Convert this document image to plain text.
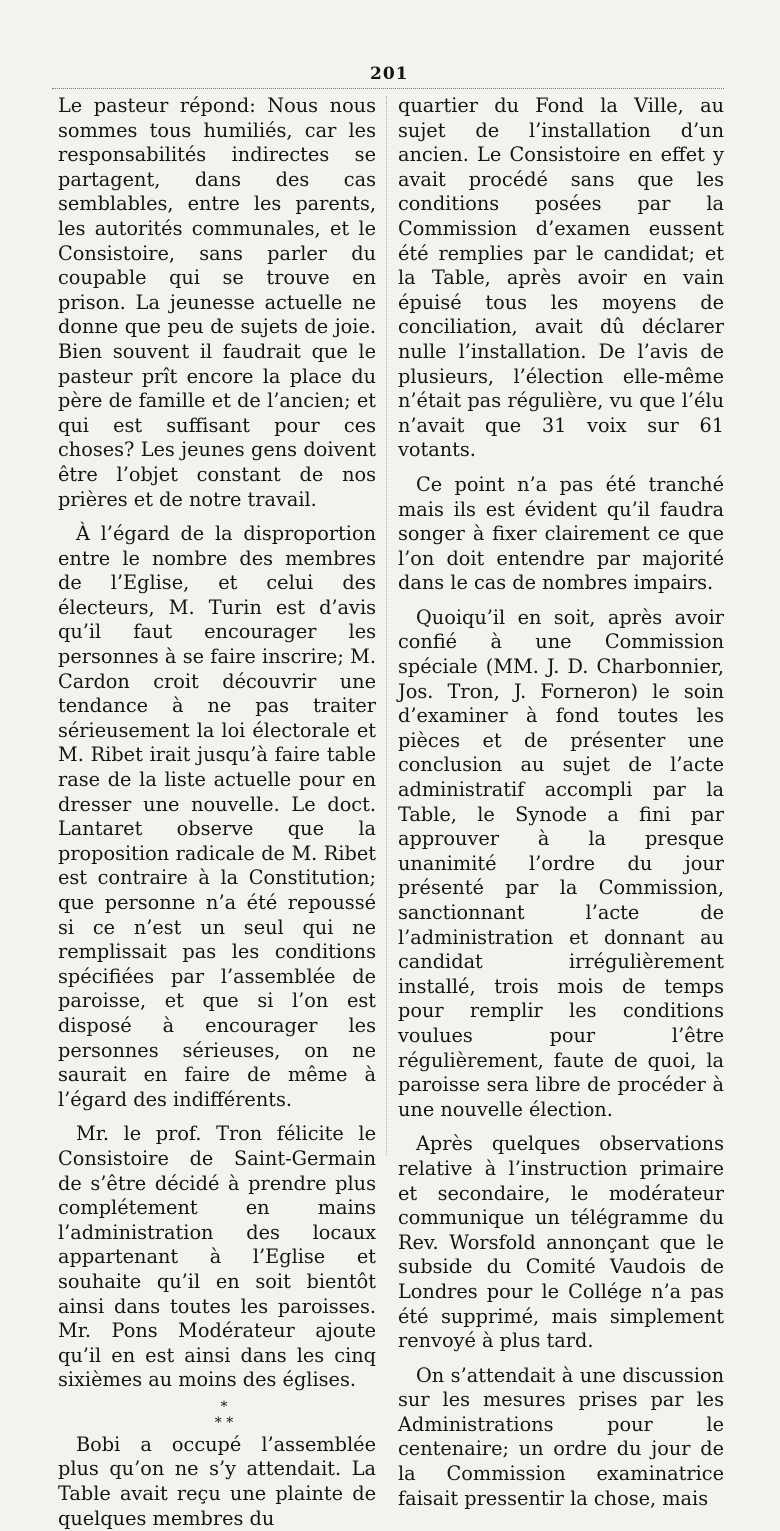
201

Le pasteur répond: Nous nous sommes tous humiliés, car les responsabilités indirectes se partagent, dans des cas semblables, entre les parents, les autorités communales, et le Consistoire, sans parler du coupable qui se trouve en prison. La jeunesse actuelle ne donne que peu de sujets de joie. Bien souvent il faudrait que le pasteur prît encore la place du père de famille et de l’ancien; et qui est suffisant pour ces choses? Les jeunes gens doivent être l’objet constant de nos prières et de notre travail.

À l’égard de la disproportion entre le nombre des membres de l’Eglise, et celui des électeurs, M. Turin est d’avis qu’il faut encourager les personnes à se faire inscrire; M. Cardon croit découvrir une tendance à ne pas traiter sérieusement la loi électorale et M. Ribet irait jusqu’à faire table rase de la liste actuelle pour en dresser une nouvelle. Le doct. Lantaret observe que la proposition radicale de M. Ribet est contraire à la Constitution; que personne n’a été repoussé si ce n’est un seul qui ne remplissait pas les conditions spécifiées par l’assemblée de paroisse, et que si l’on est disposé à encourager les personnes sérieuses, on ne saurait en faire de même à l’égard des indifférents.

Mr. le prof. Tron félicite le Consistoire de Saint-Germain de s’être décidé à prendre plus complétement en mains l’administration des locaux appartenant à l’Eglise et souhaite qu’il en soit bientôt ainsi dans toutes les paroisses. Mr. Pons Modérateur ajoute qu’il en est ainsi dans les cinq sixièmes au moins des églises.

*
* *

Bobi a occupé l’assemblée plus qu’on ne s’y attendait. La Table avait reçu une plainte de quelques membres du

quartier du Fond la Ville, au sujet de l’installation d’un ancien. Le Consistoire en effet y avait procédé sans que les conditions posées par la Commission d’examen eussent été remplies par le candidat; et la Table, après avoir en vain épuisé tous les moyens de conciliation, avait dû déclarer nulle l’installation. De l’avis de plusieurs, l’élection elle-même n’était pas régulière, vu que l’élu n’avait que 31 voix sur 61 votants.

Ce point n’a pas été tranché mais ils est évident qu’il faudra songer à fixer clairement ce que l’on doit entendre par majorité dans le cas de nombres impairs.

Quoiqu’il en soit, après avoir confié à une Commission spéciale (MM. J. D. Charbonnier, Jos. Tron, J. Forneron) le soin d’examiner à fond toutes les pièces et de présenter une conclusion au sujet de l’acte administratif accompli par la Table, le Synode a fini par approuver à la presque unanimité l’ordre du jour présenté par la Commission, sanctionnant l’acte de l’administration et donnant au candidat irrégulièrement installé, trois mois de temps pour remplir les conditions voulues pour l’être régulièrement, faute de quoi, la paroisse sera libre de procéder à une nouvelle élection.

Après quelques observations relative à l’instruction primaire et secondaire, le modérateur communique un télégramme du Rev. Worsfold annonçant que le subside du Comité Vaudois de Londres pour le Collége n’a pas été supprimé, mais simplement renvoyé à plus tard.

On s’attendait à une discussion sur les mesures prises par les Administrations pour le centenaire; un ordre du jour de la Commission examinatrice faisait pressentir la chose, mais
